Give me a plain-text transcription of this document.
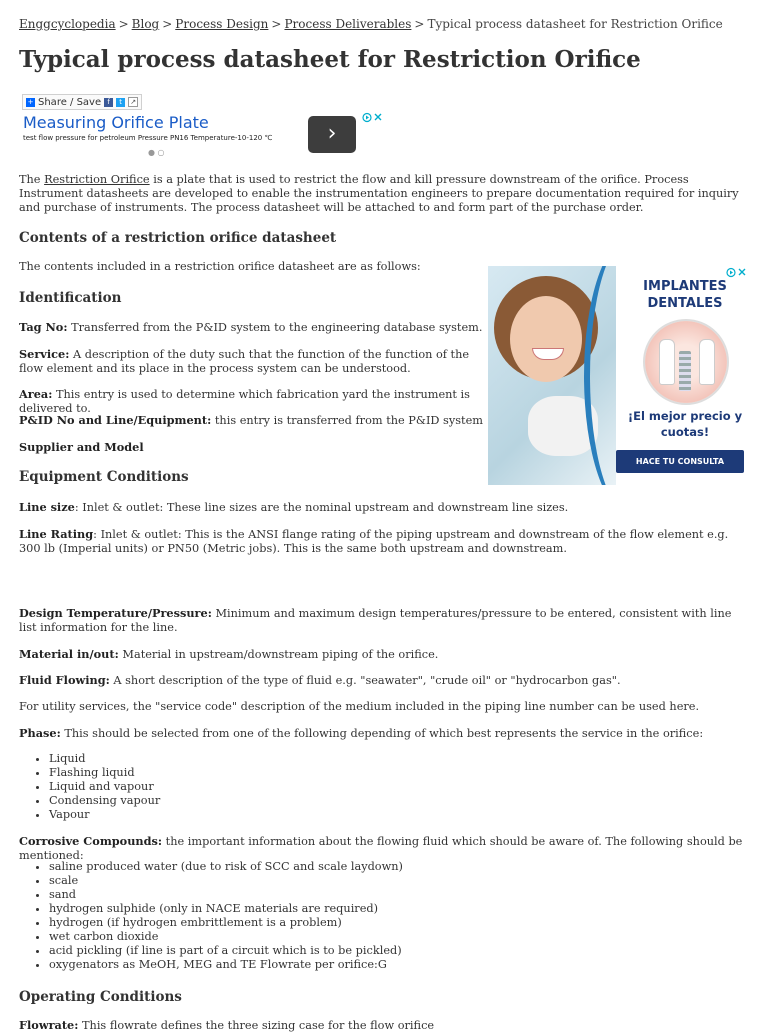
Enggcyclopedia > Blog > Process Design > Process Deliverables > Typical process datasheet for Restriction Orifice
Typical process datasheet for Restriction Orifice
+ Share / Save f	t	↗
Measuring Orifice Plate
test flow pressure for petroleum Pressure PN16 Temperature-10-120 ℃	›
● ○

The Restriction Orifice is a plate that is used to restrict the flow and kill pressure downstream of the orifice. Process Instrument datasheets are developed to enable the instrumentation engineers to prepare documentation required for inquiry and purchase of instruments. The process datasheet will be attached to and form part of the purchase order.

Contents of a restriction orifice datasheet

The contents included in a restriction orifice datasheet are as follows:

Identification

Tag No: Transferred from the P&ID system to the engineering database system.

Service: A description of the duty such that the function of the function of the flow element and its place in the process system can be understood.

Area: This entry is used to determine which fabrication yard the instrument is delivered to.

P&ID No and Line/Equipment: this entry is transferred from the P&ID system

Supplier and Model

Equipment Conditions

Line size: Inlet & outlet: These line sizes are the nominal upstream and downstream line sizes.

Line Rating: Inlet & outlet: This is the ANSI flange rating of the piping upstream and downstream of the flow element e.g. 300 lb (Imperial units) or PN50 (Metric jobs). This is the same both upstream and downstream.

Design Temperature/Pressure: Minimum and maximum design temperatures/pressure to be entered, consistent with line list information for the line.

Material in/out: Material in upstream/downstream piping of the orifice.

Fluid Flowing: A short description of the type of fluid e.g. "seawater", "crude oil" or "hydrocarbon gas".

For utility services, the "service code" description of the medium included in the piping line number can be used here.

Phase: This should be selected from one of the following depending of which best represents the service in the orifice:

• Liquid
• Flashing liquid
• Liquid and vapour
• Condensing vapour
• Vapour

Corrosive Compounds: the important information about the flowing fluid which should be aware of. The following should be mentioned:

• saline produced water (due to risk of SCC and scale laydown)
• scale
• sand
• hydrogen sulphide (only in NACE materials are required)
• hydrogen (if hydrogen embrittlement is a problem)
• wet carbon dioxide
• acid pickling (if line is part of a circuit which is to be pickled)
• oxygenators as MeOH, MEG and TE Flowrate per orifice:G
Operating Conditions

Flowrate: This flowrate defines the three sizing case for the flow orifice

IMPLANTES
DENTALES
¡El mejor precio y
cuotas!
HACE TU CONSULTA
